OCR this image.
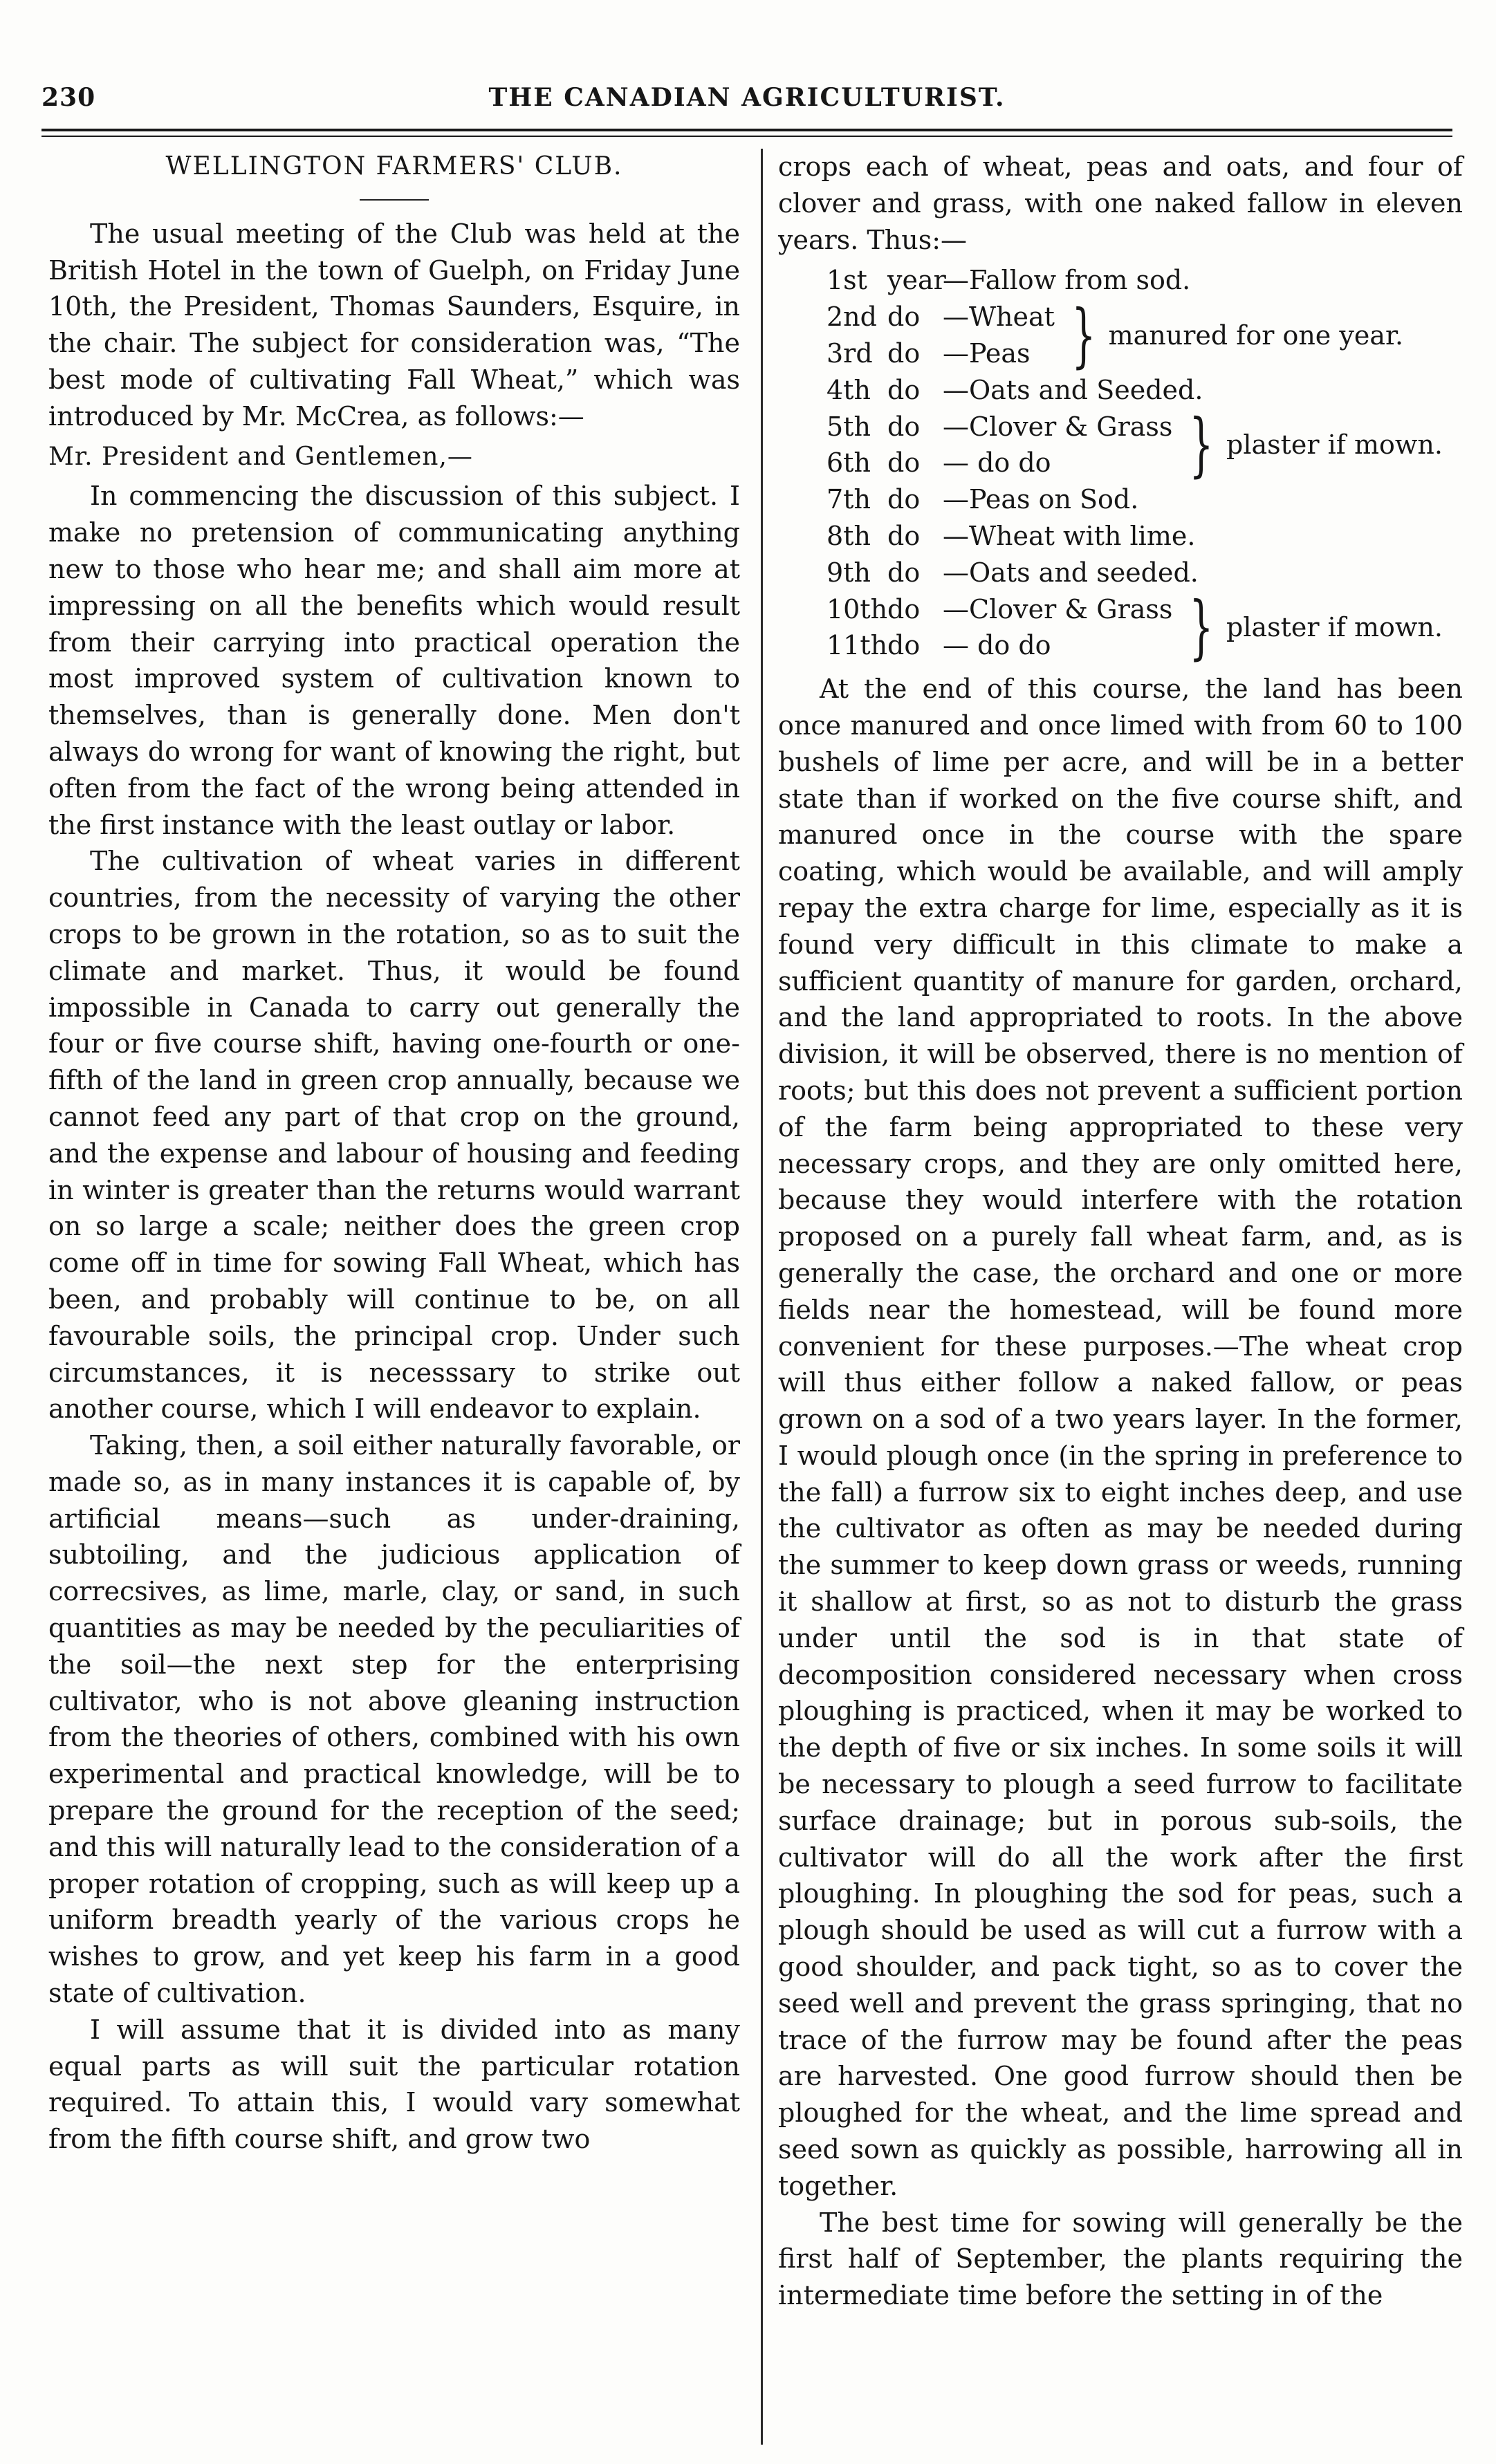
230	THE CANADIAN AGRICULTURIST.

WELLINGTON FARMERS' CLUB.

The usual meeting of the Club was held at the British Hotel in the town of Guelph, on Friday June 10th, the President, Thomas Saunders, Esquire, in the chair. The subject for consideration was, “The best mode of cultivating Fall Wheat,” which was introduced by Mr. McCrea, as follows:—

Mr. President and Gentlemen,—

In commencing the discussion of this subject. I make no pretension of communicating anything new to those who hear me; and shall aim more at impressing on all the benefits which would result from their carrying into practical operation the most improved system of cultivation known to themselves, than is generally done. Men don't always do wrong for want of knowing the right, but often from the fact of the wrong being attended in the first instance with the least outlay or labor.

The cultivation of wheat varies in different countries, from the necessity of varying the other crops to be grown in the rotation, so as to suit the climate and market. Thus, it would be found impossible in Canada to carry out generally the four or five course shift, having one-fourth or one-fifth of the land in green crop annually, because we cannot feed any part of that crop on the ground, and the expense and labour of housing and feeding in winter is greater than the returns would warrant on so large a scale; neither does the green crop come off in time for sowing Fall Wheat, which has been, and probably will continue to be, on all favourable soils, the principal crop. Under such circumstances, it is necesssary to strike out another course, which I will endeavor to explain.

Taking, then, a soil either naturally favorable, or made so, as in many instances it is capable of, by artificial means—such as under-draining, subtoiling, and the judicious application of correcsives, as lime, marle, clay, or sand, in such quantities as may be needed by the peculiarities of the soil—the next step for the enterprising cultivator, who is not above gleaning instruction from the theories of others, combined with his own experimental and practical knowledge, will be to prepare the ground for the reception of the seed; and this will naturally lead to the consideration of a proper rotation of cropping, such as will keep up a uniform breadth yearly of the various crops he wishes to grow, and yet keep his farm in a good state of cultivation.

I will assume that it is divided into as many equal parts as will suit the particular rotation required. To attain this, I would vary somewhat from the fifth course shift, and grow two

crops each of wheat, peas and oats, and four of clover and grass, with one naked fallow in eleven years. Thus:—

1st year
—Fallow from sod.
2nd do —Wheat
3rd do —Peas } manured for one year.
4th do —Oats and Seeded.
5th do —Clover & Grass
6th do — do do } plaster if mown.
7th do —Peas on Sod.
8th do —Wheat with lime.
9th do —Oats and seeded.
10th do —Clover & Grass
11th do — do do } plaster if mown.

At the end of this course, the land has been once manured and once limed with from 60 to 100 bushels of lime per acre, and will be in a better state than if worked on the five course shift, and manured once in the course with the spare coating, which would be available, and will amply repay the extra charge for lime, especially as it is found very difficult in this climate to make a sufficient quantity of manure for garden, orchard, and the land appropriated to roots. In the above division, it will be observed, there is no mention of roots; but this does not prevent a sufficient portion of the farm being appropriated to these very necessary crops, and they are only omitted here, because they would interfere with the rotation proposed on a purely fall wheat farm, and, as is generally the case, the orchard and one or more fields near the homestead, will be found more convenient for these purposes.—The wheat crop will thus either follow a naked fallow, or peas grown on a sod of a two years layer. In the former, I would plough once (in the spring in preference to the fall) a furrow six to eight inches deep, and use the cultivator as often as may be needed during the summer to keep down grass or weeds, running it shallow at first, so as not to disturb the grass under until the sod is in that state of decomposition considered necessary when cross ploughing is practiced, when it may be worked to the depth of five or six inches. In some soils it will be necessary to plough a seed furrow to facilitate surface drainage; but in porous sub-soils, the cultivator will do all the work after the first ploughing. In ploughing the sod for peas, such a plough should be used as will cut a furrow with a good shoulder, and pack tight, so as to cover the seed well and prevent the grass springing, that no trace of the furrow may be found after the peas are harvested. One good furrow should then be ploughed for the wheat, and the lime spread and seed sown as quickly as possible, harrowing all in together.

The best time for sowing will generally be the first half of September, the plants requiring the intermediate time before the setting in of the
